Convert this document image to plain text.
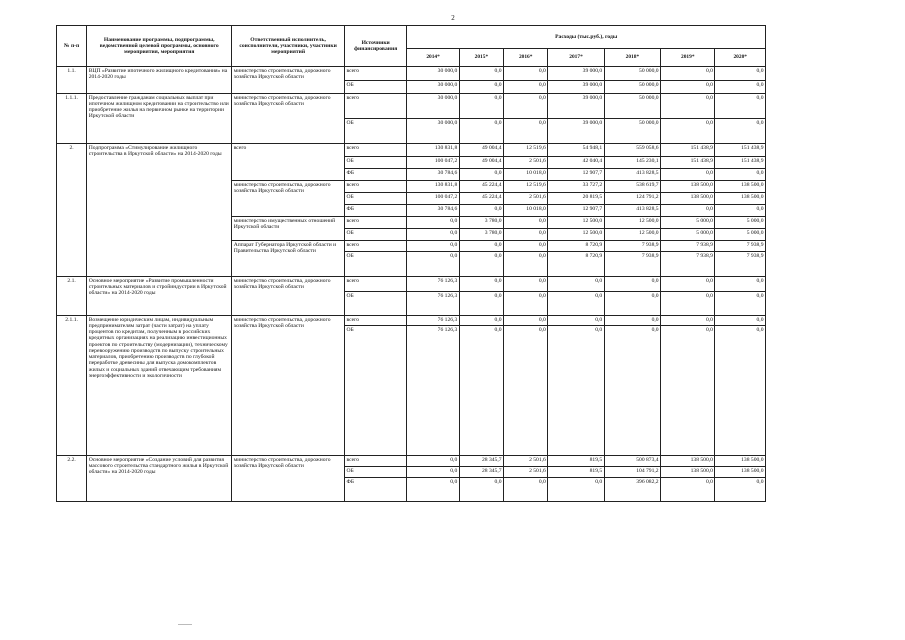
2
№ п-п	Наименование программы, подпрограммы, ведомственной целевой программы, основного мероприятия, мероприятия	Ответственный исполнитель, соисполнители, участники, участники мероприятий	Источники финансирования	Расходы (тыс.руб.), годы						
				2014*	2015*	2016*	2017*	2018*	2019*	2020*
1.1.	ВЦП «Развитие ипотечного жилищного кредитования» на 2014-2020 годы	министерство строительства, дорожного хозяйства Иркутской области	всего	30 000,0	0,0	0,0	39 000,0	50 000,0	0,0	0,0
			ОБ	30 000,0	0,0	0,0	39 000,0	50 000,0	0,0	0,0
1.1.1.	Предоставление гражданам социальных выплат при ипотечном жилищном кредитовании на строительство или приобретение жилья на первичном рынке на территории Иркутской области	министерство строительства, дорожного хозяйства Иркутской области	всего	30 000,0	0,0	0,0	39 000,0	50 000,0	0,0	0,0
			ОБ	30 000,0	0,0	0,0	39 000,0	50 000,0	0,0	0,0
2.	Подпрограмма «Стимулирование жилищного строительства в Иркутской области» на 2014-2020 годы	всего	всего	130 831,8	49 004,4	12 519,6	54 948,1	559 058,6	151 438,9	151 438,9
			ОБ	100 047,2	49 004,4	2 501,6	42 040,4	145 230,1	151 438,9	151 438,9
			ФБ	30 784,6	0,0	10 018,0	12 907,7	413 828,5	0,0	0,0
		министерство строительства, дорожного хозяйства Иркутской области	всего	130 831,8	45 224,4	12 519,6	33 727,2	538 619,7	138 500,0	138 500,0
			ОБ	100 047,2	45 224,4	2 501,6	20 819,5	124 791,2	138 500,0	138 500,0
			ФБ	30 784,6	0,0	10 018,0	12 907,7	413 828,5	0,0	0,0
		министерство имущественных отношений Иркутской области	всего	0,0	3 780,0	0,0	12 500,0	12 500,0	5 000,0	5 000,0
			ОБ	0,0	3 780,0	0,0	12 500,0	12 500,0	5 000,0	5 000,0
		Аппарат Губернатора Иркутской области и Правительства Иркутской области	всего	0,0	0,0	0,0	8 720,9	7 938,9	7 938,9	7 938,9
			ОБ	0,0	0,0	0,0	8 720,9	7 938,9	7 938,9	7 938,9
2.1.	Основное мероприятие «Развитие промышленности строительных материалов и стройиндустрии в Иркутской области» на 2014-2020 годы	министерство строительства, дорожного хозяйства Иркутской области	всего	76 126,3	0,0	0,0	0,0	0,0	0,0	0,0
			ОБ	76 126,3	0,0	0,0	0,0	0,0	0,0	0,0
2.1.1.	Возмещение юридическим лицам, индивидуальным предпринимателям затрат (части затрат) на уплату процентов по кредитам, полученным в российских кредитных организациях на реализацию инвестиционных проектов по строительству (модернизации), техническому перевооружению производств по выпуску строительных материалов, приобретению производств по глубокой переработке древесины для выпуска домокомплектов жилых и социальных зданий отвечающим требованиям энергоэффективности и экологичности	министерство строительства, дорожного хозяйства Иркутской области	всего	76 126,3	0,0	0,0	0,0	0,0	0,0	0,0
			ОБ	76 126,3	0,0	0,0	0,0	0,0	0,0	0,0
2.2.	Основное мероприятие «Создание условий для развития массового строительства стандартного жилья в Иркутской области» на 2014-2020 годы	министерство строительства, дорожного хозяйства Иркутской области	всего	0,0	28 345,7	2 501,6	819,5	500 873,4	138 500,0	138 500,0
			ОБ	0,0	28 345,7	2 501,6	819,5	104 791,2	138 500,0	138 500,0
			ФБ	0,0	0,0	0,0	0,0	396 082,2	0,0	0,0
